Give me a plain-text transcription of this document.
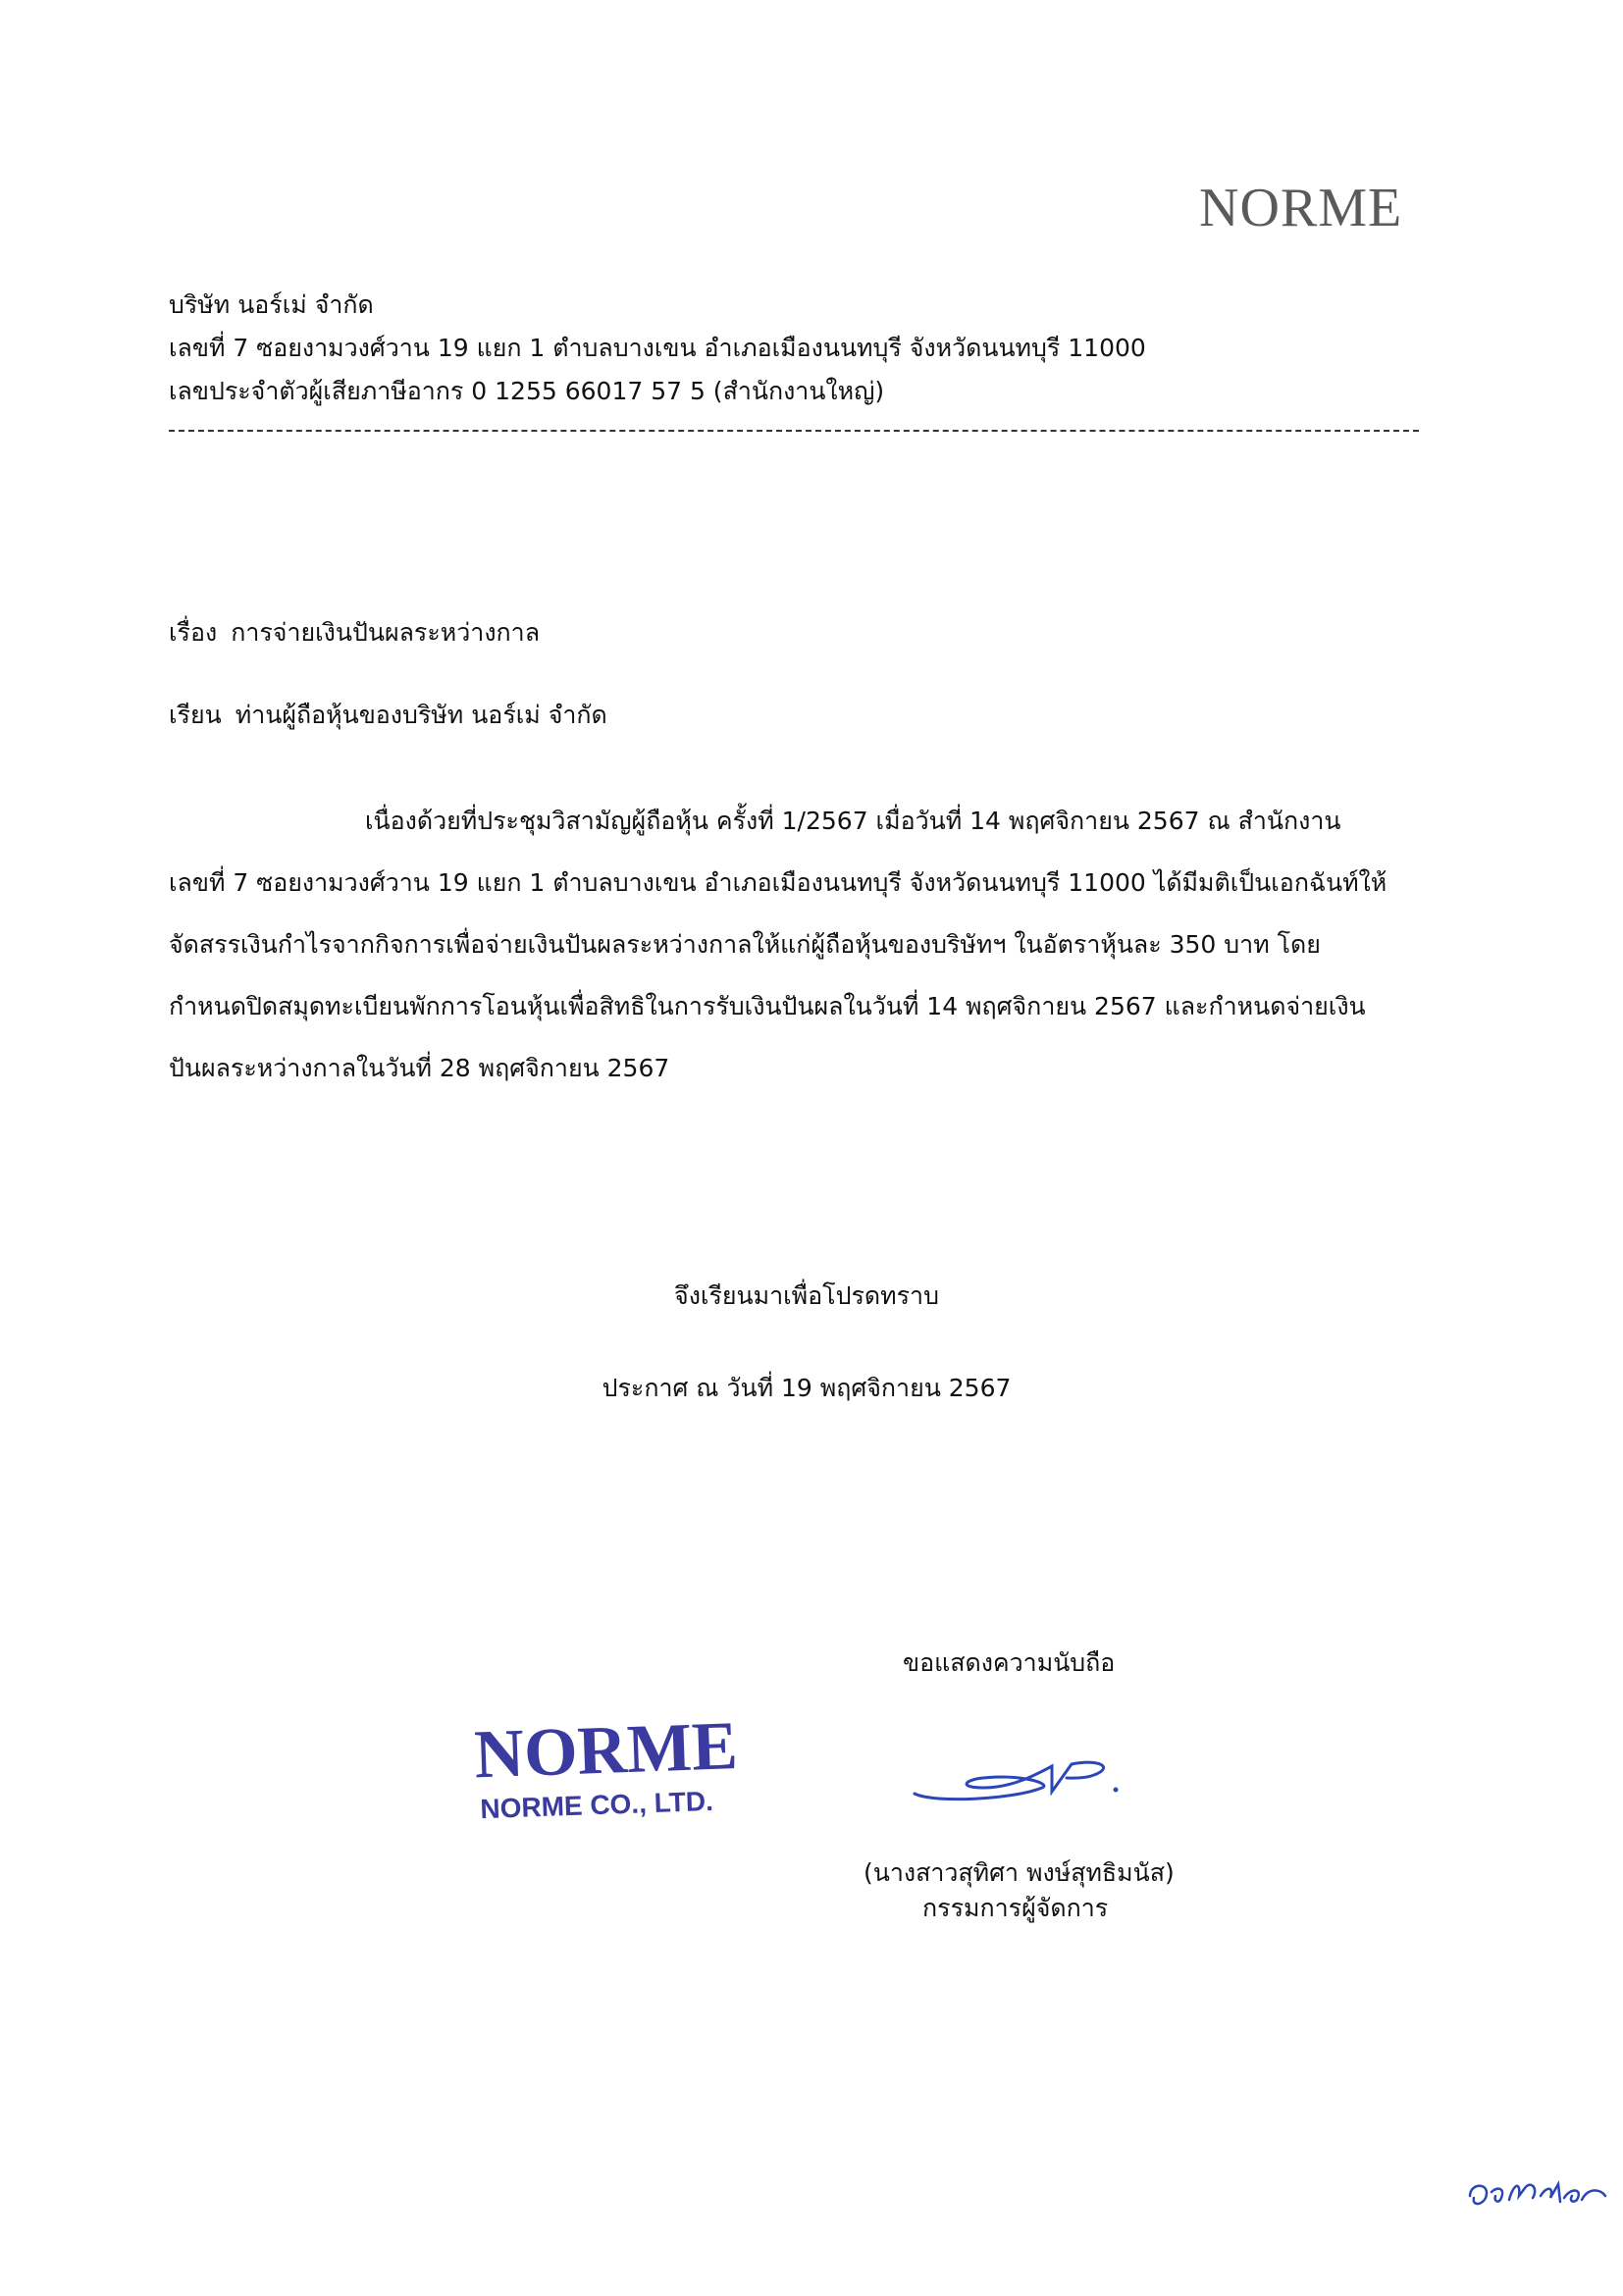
NORME
บริษัท นอร์เม่ จำกัด
เลขที่ 7 ซอยงามวงศ์วาน 19 แยก 1 ตำบลบางเขน อำเภอเมืองนนทบุรี จังหวัดนนทบุรี 11000
เลขประจำตัวผู้เสียภาษีอากร 0 1255 66017 57 5 (สำนักงานใหญ่)
เรื่อง การจ่ายเงินปันผลระหว่างกาล
เรียน ท่านผู้ถือหุ้นของบริษัท นอร์เม่ จำกัด
เนื่องด้วยที่ประชุมวิสามัญผู้ถือหุ้น ครั้งที่ 1/2567 เมื่อวันที่ 14 พฤศจิกายน 2567 ณ สำนักงาน
เลขที่ 7 ซอยงามวงศ์วาน 19 แยก 1 ตำบลบางเขน อำเภอเมืองนนทบุรี จังหวัดนนทบุรี 11000 ได้มีมติเป็นเอกฉันท์ให้
จัดสรรเงินกำไรจากกิจการเพื่อจ่ายเงินปันผลระหว่างกาลให้แก่ผู้ถือหุ้นของบริษัทฯ ในอัตราหุ้นละ 350 บาท โดย
กำหนดปิดสมุดทะเบียนพักการโอนหุ้นเพื่อสิทธิในการรับเงินปันผลในวันที่ 14 พฤศจิกายน 2567 และกำหนดจ่ายเงิน
ปันผลระหว่างกาลในวันที่ 28 พฤศจิกายน 2567
จึงเรียนมาเพื่อโปรดทราบ
ประกาศ ณ วันที่ 19 พฤศจิกายน 2567
ขอแสดงความนับถือ
NORME
NORME CO., LTD.
(นางสาวสุทิศา พงษ์สุทธิมนัส)
กรรมการผู้จัดการ
